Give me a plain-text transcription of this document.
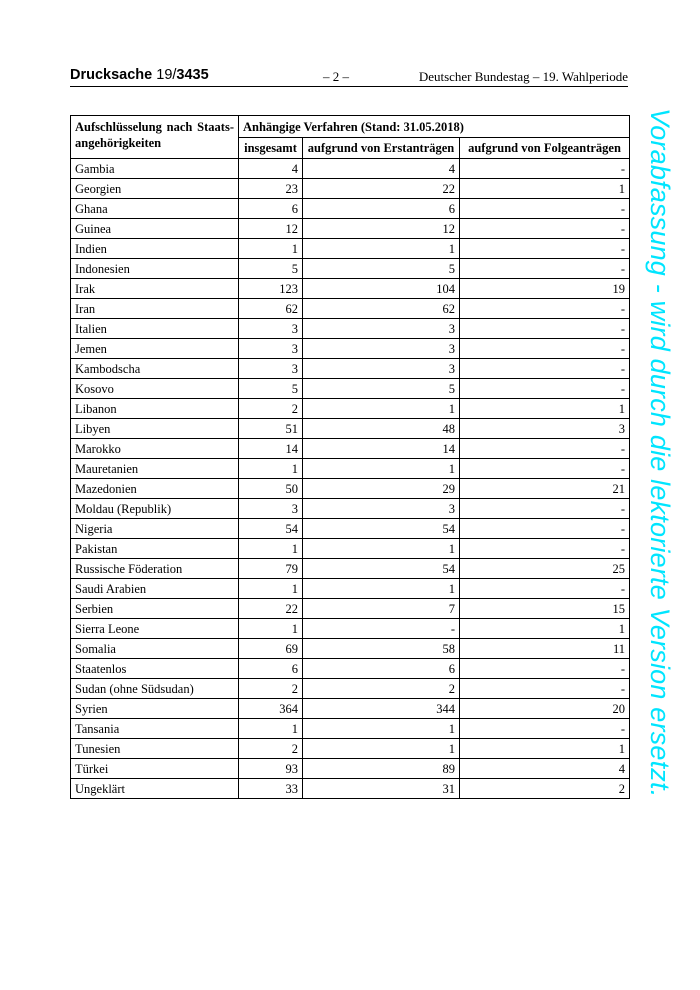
Drucksache 19/3435	– 2 –	Deutscher Bundestag – 19. Wahlperiode
Aufschlüsselung nach Staatsangehörigkeiten	Anhängige Verfahren (Stand: 31.05.2018)		
	insgesamt	aufgrund von Erstanträgen	aufgrund von Folgeanträgen
Gambia	4	4	-
Georgien	23	22	1
Ghana	6	6	-
Guinea	12	12	-
Indien	1	1	-
Indonesien	5	5	-
Irak	123	104	19
Iran	62	62	-
Italien	3	3	-
Jemen	3	3	-
Kambodscha	3	3	-
Kosovo	5	5	-
Libanon	2	1	1
Libyen	51	48	3
Marokko	14	14	-
Mauretanien	1	1	-
Mazedonien	50	29	21
Moldau (Republik)	3	3	-
Nigeria	54	54	-
Pakistan	1	1	-
Russische Föderation	79	54	25
Saudi Arabien	1	1	-
Serbien	22	7	15
Sierra Leone	1	-	1
Somalia	69	58	11
Staatenlos	6	6	-
Sudan (ohne Südsudan)	2	2	-
Syrien	364	344	20
Tansania	1	1	-
Tunesien	2	1	1
Türkei	93	89	4
Ungeklärt	33	31	2 Vorabfassung - wird durch die lektorierte Version ersetzt.
